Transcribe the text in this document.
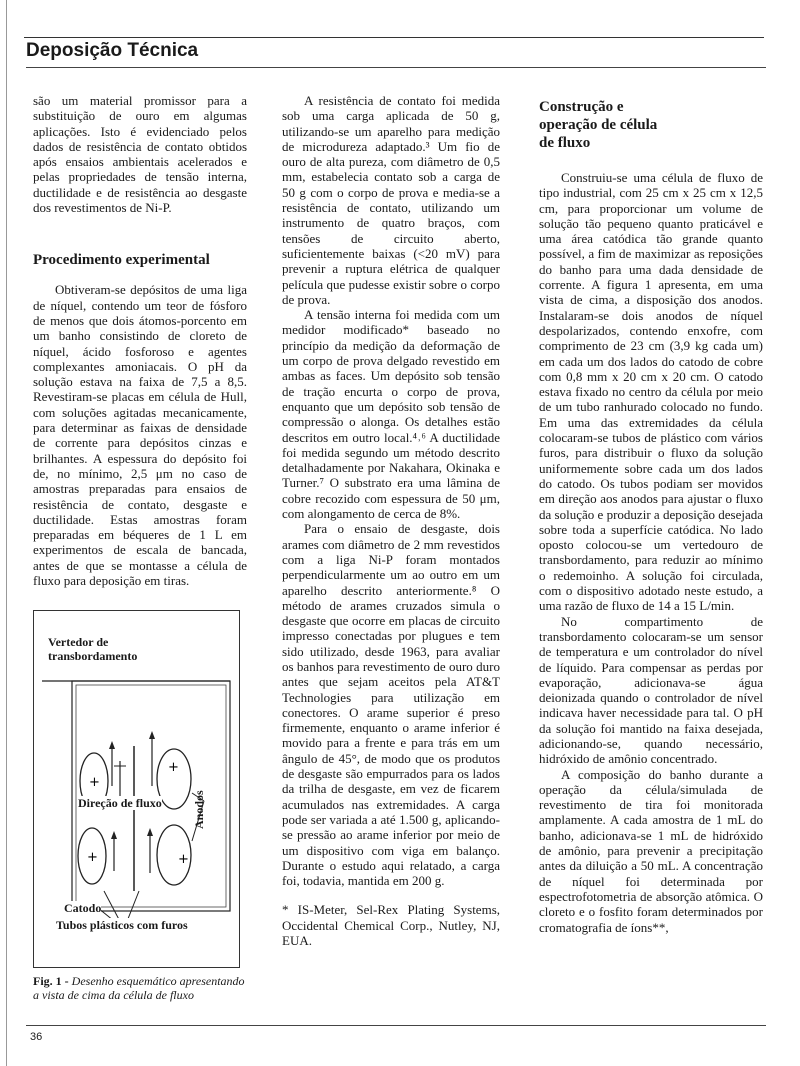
Deposição Técnica

são um material promissor para a substituição de ouro em algumas aplicações. Isto é evidenciado pelos dados de resistência de contato obtidos após ensaios ambientais acelerados e pelas propriedades de tensão interna, ductilidade e de resistência ao desgaste dos revestimentos de Ni-P.

Procedimento experimental

Obtiveram-se depósitos de uma liga de níquel, contendo um teor de fósforo de menos que dois átomos-porcento em um banho consistindo de cloreto de níquel, ácido fosforoso e agentes complexantes amoniacais. O pH da solução estava na faixa de 7,5 a 8,5. Revestiram-se placas em célula de Hull, com soluções agitadas mecanicamente, para determinar as faixas de densidade de corrente para depósitos cinzas e brilhantes. A espessura do depósito foi de, no mínimo, 2,5 μm no caso de amostras preparadas para ensaios de resistência de contato, desgaste e ductilidade. Estas amostras foram preparadas em béqueres de 1 L em experimentos de escala de bancada, antes de que se montasse a célula de fluxo para deposição em tiras.

+
+
+
+
Vertedor de transbordamento
Direção de fluxo	Anodos
Catodo
Tubos plásticos com furos

Fig. 1 - Desenho esquemático apresentando a vista de cima da célula de fluxo

A resistência de contato foi medida sob uma carga aplicada de 50 g, utilizando-se um aparelho para medição de microdureza adaptado.³ Um fio de ouro de alta pureza, com diâmetro de 0,5 mm, estabelecia contato sob a carga de 50 g com o corpo de prova e media-se a resistência de contato, utilizando um instrumento de quatro braços, com tensões de circuito aberto, suficientemente baixas (<20 mV) para prevenir a ruptura elétrica de qualquer película que pudesse existir sobre o corpo de prova.

A tensão interna foi medida com um medidor modificado* baseado no princípio da medição da deformação de um corpo de prova delgado revestido em ambas as faces. Um depósito sob tensão de tração encurta o corpo de prova, enquanto que um depósito sob tensão de compressão o alonga. Os detalhes estão descritos em outro local.⁴˒⁶ A ductilidade foi medida segundo um método descrito detalhadamente por Nakahara, Okinaka e Turner.⁷ O substrato era uma lâmina de cobre recozido com espessura de 50 μm, com alongamento de cerca de 8%.

Para o ensaio de desgaste, dois arames com diâmetro de 2 mm revestidos com a liga Ni-P foram montados perpendicularmente um ao outro em um aparelho descrito anteriormente.⁸ O método de arames cruzados simula o desgaste que ocorre em placas de circuito impresso conectadas por plugues e tem sido utilizado, desde 1963, para avaliar os banhos para revestimento de ouro duro antes que sejam aceitos pela AT&T Technologies para utilização em conectores. O arame superior é preso firmemente, enquanto o arame inferior é movido para a frente e para trás em um ângulo de 45°, de modo que os produtos de desgaste são empurrados para os lados da trilha de desgaste, em vez de ficarem acumulados nas extremidades. A carga pode ser variada a até 1.500 g, aplicando-se pressão ao arame inferior por meio de um dispositivo com viga em balanço. Durante o estudo aqui relatado, a carga foi, todavia, mantida em 200 g.

* IS-Meter, Sel-Rex Plating Systems, Occidental Chemical Corp., Nutley, NJ, EUA.

Construção e operação de célula de fluxo

Construiu-se uma célula de fluxo de tipo industrial, com 25 cm x 25 cm x 12,5 cm, para proporcionar um volume de solução tão pequeno quanto praticável e uma área catódica tão grande quanto possível, a fim de maximizar as reposições do banho para uma dada densidade de corrente. A figura 1 apresenta, em uma vista de cima, a disposição dos anodos. Instalaram-se dois anodos de níquel despolarizados, contendo enxofre, com comprimento de 23 cm (3,9 kg cada um) em cada um dos lados do catodo de cobre com 0,8 mm x 20 cm x 20 cm. O catodo estava fixado no centro da célula por meio de um tubo ranhurado colocado no fundo. Em uma das extremidades da célula colocaram-se tubos de plástico com vários furos, para distribuir o fluxo da solução uniformemente sobre cada um dos lados do catodo. Os tubos podiam ser movidos em direção aos anodos para ajustar o fluxo da solução e produzir a deposição desejada sobre toda a superfície catódica. No lado oposto colocou-se um vertedouro de transbordamento, para reduzir ao mínimo o redemoinho. A solução foi circulada, com o dispositivo adotado neste estudo, a uma razão de fluxo de 14 a 15 L/min.

No compartimento de transbordamento colocaram-se um sensor de temperatura e um controlador do nível de líquido. Para compensar as perdas por evaporação, adicionava-se água deionizada quando o controlador de nível indicava haver necessidade para tal. O pH da solução foi mantido na faixa desejada, adicionando-se, quando necessário, hidróxido de amônio concentrado.

A composição do banho durante a operação da célula/simulada de revestimento de tira foi monitorada amplamente. A cada amostra de 1 mL do banho, adicionava-se 1 mL de hidróxido de amônio, para prevenir a precipitação antes da diluição a 50 mL. A concentração de níquel foi determinada por espectrofotometria de absorção atômica. O cloreto e o fosfito foram determinados por cromatografia de íons**,

36
